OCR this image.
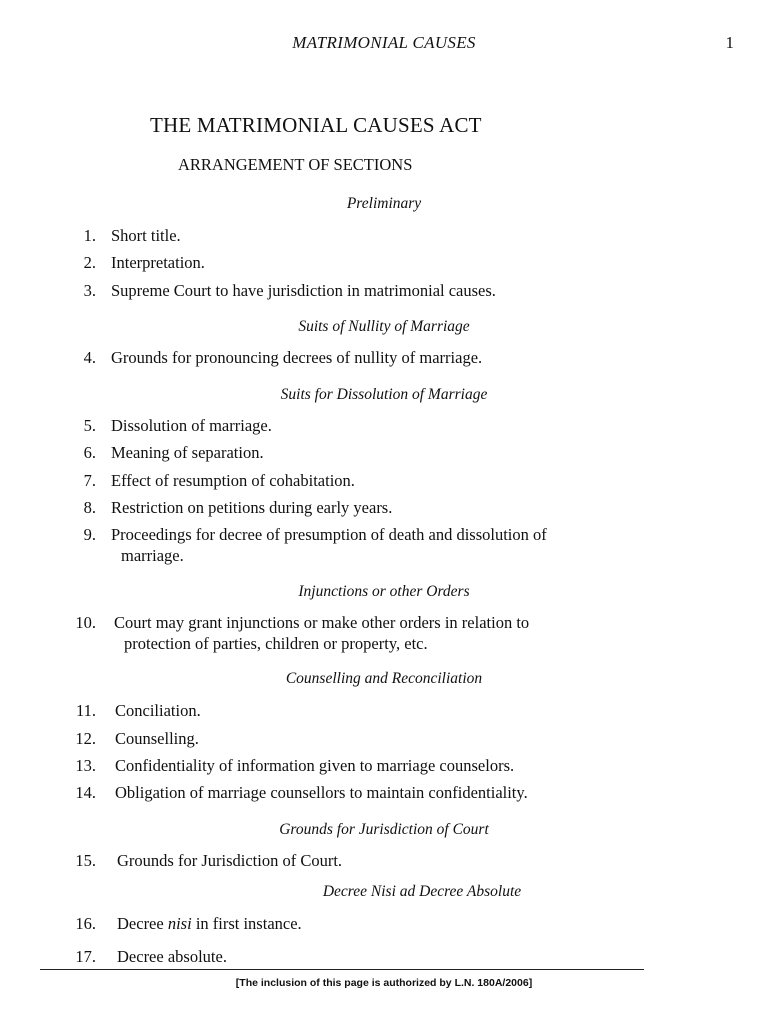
MATRIMONIAL CAUSES	1
THE MATRIMONIAL CAUSES ACT
ARRANGEMENT OF SECTIONS
Preliminary
1. Short title.
2. Interpretation.
3. Supreme Court to have jurisdiction in matrimonial causes.
Suits of Nullity of Marriage
4. Grounds for pronouncing decrees of nullity of marriage.
Suits for Dissolution of Marriage
5. Dissolution of marriage.
6. Meaning of separation.
7. Effect of resumption of cohabitation.
8. Restriction on petitions during early years.
9. Proceedings for decree of presumption of death and dissolution of
marriage.
Injunctions or other Orders
10. Court may grant injunctions or make other orders in relation to
protection of parties, children or property, etc.
Counselling and Reconciliation
11. Conciliation.
12. Counselling.
13. Confidentiality of information given to marriage counselors.
14. Obligation of marriage counsellors to maintain confidentiality.
Grounds for Jurisdiction of Court
15. Grounds for Jurisdiction of Court.
Decree Nisi ad Decree Absolute
16. Decree nisi in first instance.
17. Decree absolute.
[The inclusion of this page is authorized by L.N. 180A/2006]
